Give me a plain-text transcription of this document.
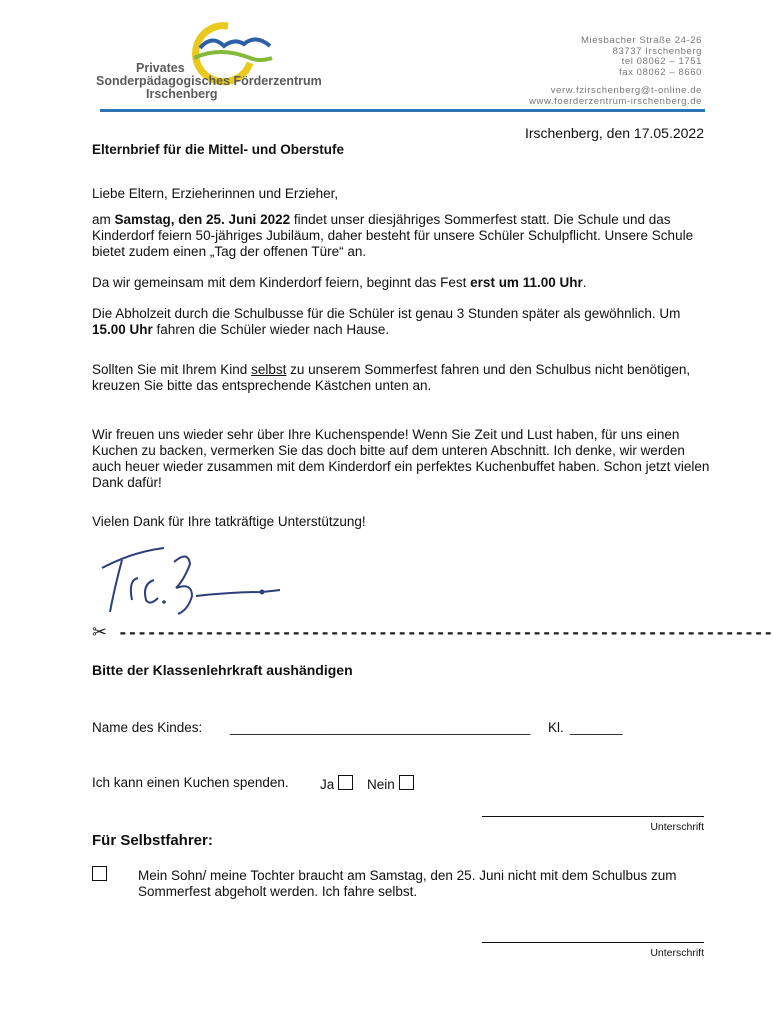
Privates
Sonderpädagogisches Förderzentrum
Irschenberg
Miesbacher Straße 24-26
83737 Irschenberg
tel 08062 – 1751
fax 08062 – 8660
verw.fzirschenberg@t-online.de
www.foerderzentrum-irschenberg.de
Irschenberg, den 17.05.2022
Elternbrief für die Mittel- und Oberstufe
Liebe Eltern, Erzieherinnen und Erzieher,
am Samstag, den 25. Juni 2022 findet unser diesjähriges Sommerfest statt. Die Schule und das Kinderdorf feiern 50-jähriges Jubiläum, daher besteht für unsere Schüler Schulpflicht. Unsere Schule bietet zudem einen „Tag der offenen Türe“ an.
Da wir gemeinsam mit dem Kinderdorf feiern, beginnt das Fest erst um 11.00 Uhr.
Die Abholzeit durch die Schulbusse für die Schüler ist genau 3 Stunden später als gewöhnlich. Um 15.00 Uhr fahren die Schüler wieder nach Hause.
Sollten Sie mit Ihrem Kind selbst zu unserem Sommerfest fahren und den Schulbus nicht benötigen, kreuzen Sie bitte das entsprechende Kästchen unten an.
Wir freuen uns wieder sehr über Ihre Kuchenspende! Wenn Sie Zeit und Lust haben, für uns einen Kuchen zu backen, vermerken Sie das doch bitte auf dem unteren Abschnitt. Ich denke, wir werden auch heuer wieder zusammen mit dem Kinderdorf ein perfektes Kuchenbuffet haben. Schon jetzt vielen Dank dafür!
Vielen Dank für Ihre tatkräftige Unterstützung!
✂ --------------------------------------------------------------------
Bitte der Klassenlehrkraft aushändigen
Name des Kindes: ________________________________________ Kl. _______
Ich kann einen Kuchen spenden. Ja	Nein
Unterschrift
Für Selbstfahrer:
Mein Sohn/ meine Tochter braucht am Samstag, den 25. Juni nicht mit dem Schulbus zum Sommerfest abgeholt werden. Ich fahre selbst.
Unterschrift
